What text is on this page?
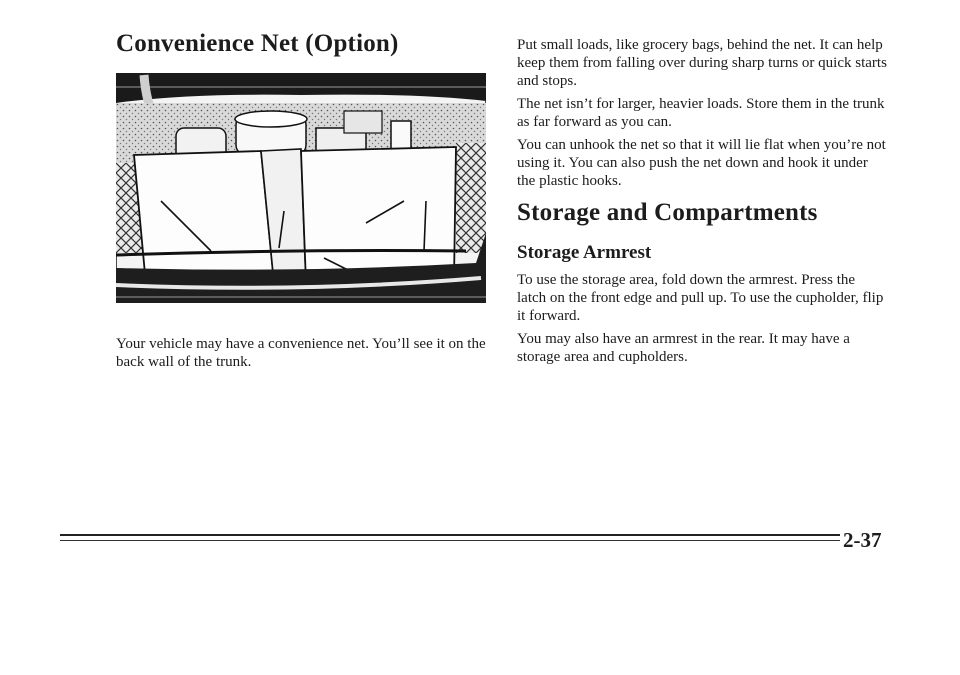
Convenience Net (Option)

Your vehicle may have a convenience net. You’ll see it on the back wall of the trunk.

Put small loads, like grocery bags, behind the net. It can help keep them from falling over during sharp turns or quick starts and stops.

The net isn’t for larger, heavier loads. Store them in the trunk as far forward as you can.

You can unhook the net so that it will lie flat when you’re not using it. You can also push the net down and hook it under the plastic hooks.

Storage and Compartments
Storage Armrest

To use the storage area, fold down the armrest. Press the latch on the front edge and pull up. To use the cupholder, flip it forward.

You may also have an armrest in the rear. It may have a storage area and cupholders.

2-37
